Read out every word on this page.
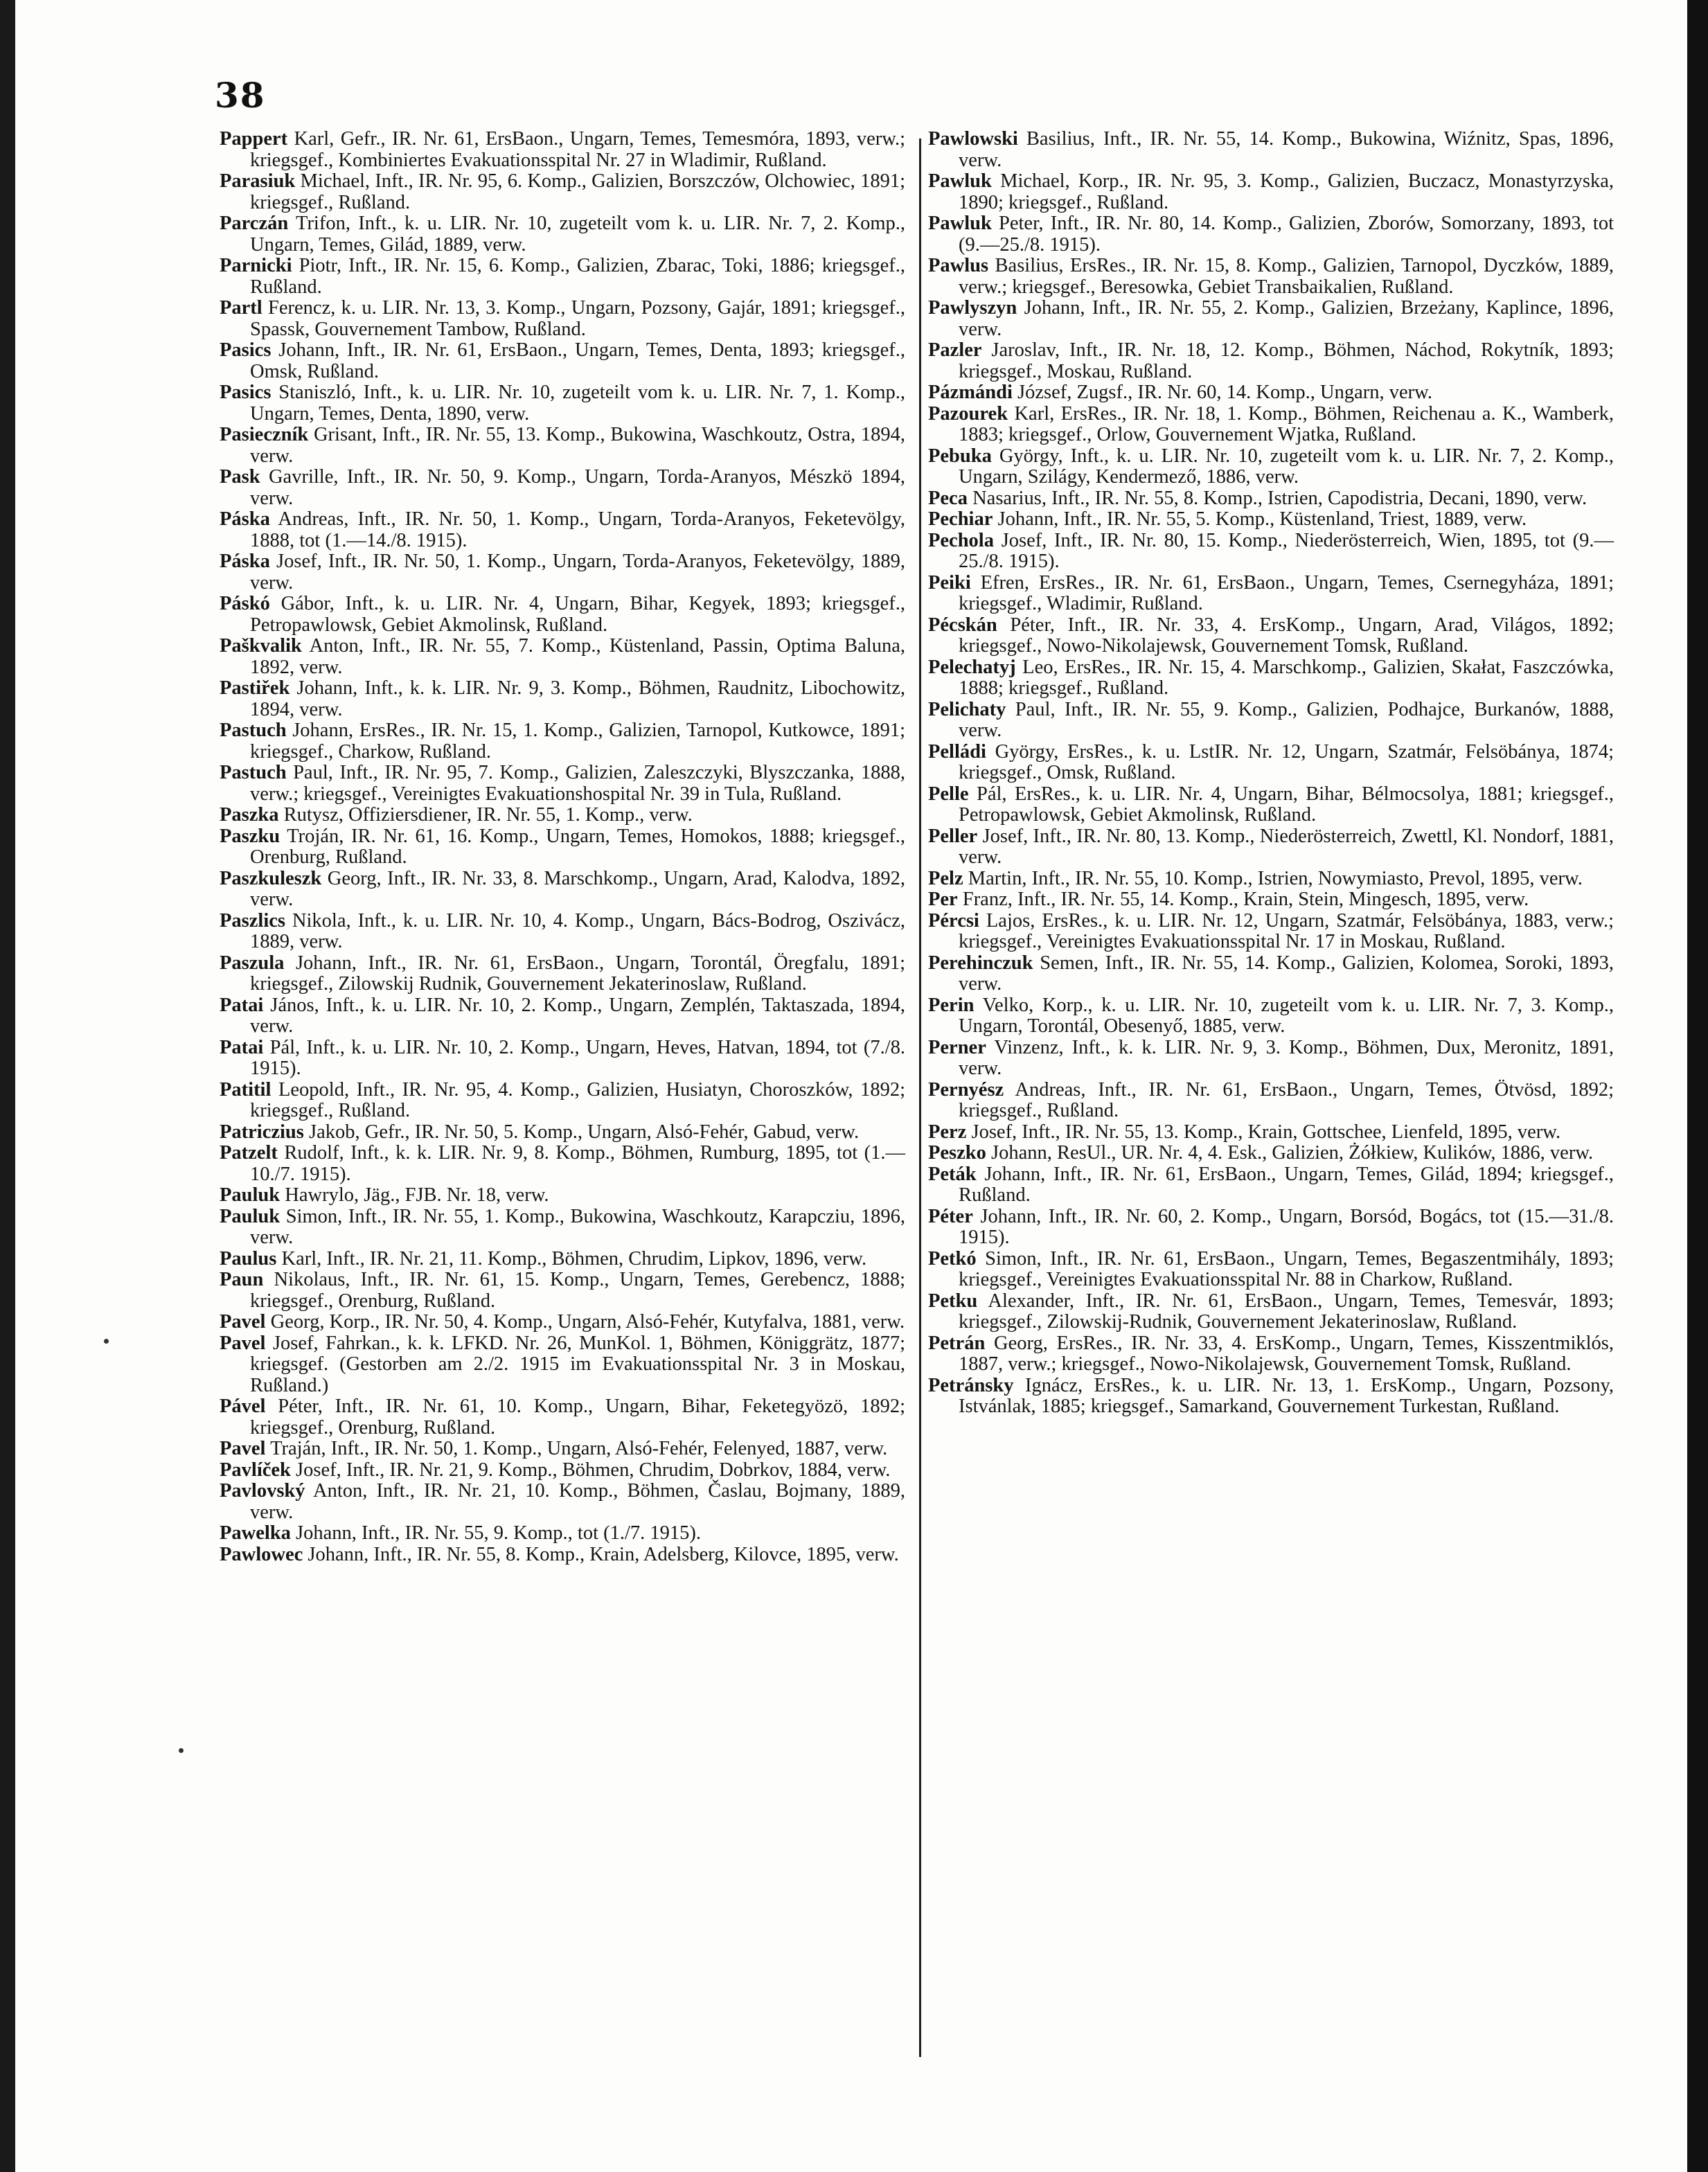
38

Pappert Karl, Gefr., IR. Nr. 61, ErsBaon., Ungarn, Temes, Temesmóra, 1893, verw.; kriegsgef., Kombiniertes Evakuationsspital Nr. 27 in Wladimir, Rußland.

Parasiuk Michael, Inft., IR. Nr. 95, 6. Komp., Galizien, Borszczów, Olchowiec, 1891; kriegsgef., Rußland.

Parczán Trifon, Inft., k. u. LIR. Nr. 10, zugeteilt vom k. u. LIR. Nr. 7, 2. Komp., Ungarn, Temes, Gilád, 1889, verw.

Parnicki Piotr, Inft., IR. Nr. 15, 6. Komp., Galizien, Zbarac, Toki, 1886; kriegsgef., Rußland.

Partl Ferencz, k. u. LIR. Nr. 13, 3. Komp., Ungarn, Pozsony, Gajár, 1891; kriegsgef., Spassk, Gouvernement Tambow, Rußland.

Pasics Johann, Inft., IR. Nr. 61, ErsBaon., Ungarn, Temes, Denta, 1893; kriegsgef., Omsk, Rußland.

Pasics Staniszló, Inft., k. u. LIR. Nr. 10, zugeteilt vom k. u. LIR. Nr. 7, 1. Komp., Ungarn, Temes, Denta, 1890, verw.

Pasieczník Grisant, Inft., IR. Nr. 55, 13. Komp., Bukowina, Waschkoutz, Ostra, 1894, verw.

Pask Gavrille, Inft., IR. Nr. 50, 9. Komp., Ungarn, Torda-Aranyos, Mészkö 1894, verw.

Páska Andreas, Inft., IR. Nr. 50, 1. Komp., Ungarn, Torda-Aranyos, Feketevölgy, 1888, tot (1.—14./8. 1915).

Páska Josef, Inft., IR. Nr. 50, 1. Komp., Ungarn, Torda-Aranyos, Feketevölgy, 1889, verw.

Páskó Gábor, Inft., k. u. LIR. Nr. 4, Ungarn, Bihar, Kegyek, 1893; kriegsgef., Petropawlowsk, Gebiet Akmolinsk, Rußland.

Paškvalik Anton, Inft., IR. Nr. 55, 7. Komp., Küstenland, Passin, Optima Baluna, 1892, verw.

Pastiřek Johann, Inft., k. k. LIR. Nr. 9, 3. Komp., Böhmen, Raudnitz, Libochowitz, 1894, verw.

Pastuch Johann, ErsRes., IR. Nr. 15, 1. Komp., Galizien, Tarnopol, Kutkowce, 1891; kriegsgef., Charkow, Rußland.

Pastuch Paul, Inft., IR. Nr. 95, 7. Komp., Galizien, Zaleszczyki, Blyszczanka, 1888, verw.; kriegsgef., Vereinigtes Evakuationshospital Nr. 39 in Tula, Rußland.

Paszka Rutysz, Offiziersdiener, IR. Nr. 55, 1. Komp., verw.

Paszku Troján, IR. Nr. 61, 16. Komp., Ungarn, Temes, Homokos, 1888; kriegsgef., Orenburg, Rußland.

Paszkuleszk Georg, Inft., IR. Nr. 33, 8. Marschkomp., Ungarn, Arad, Kalodva, 1892, verw.

Paszlics Nikola, Inft., k. u. LIR. Nr. 10, 4. Komp., Ungarn, Bács-Bodrog, Oszivácz, 1889, verw.

Paszula Johann, Inft., IR. Nr. 61, ErsBaon., Ungarn, Torontál, Öregfalu, 1891; kriegsgef., Zilowskij Rudnik, Gouvernement Jekaterinoslaw, Rußland.

Patai János, Inft., k. u. LIR. Nr. 10, 2. Komp., Ungarn, Zemplén, Taktaszada, 1894, verw.

Patai Pál, Inft., k. u. LIR. Nr. 10, 2. Komp., Ungarn, Heves, Hatvan, 1894, tot (7./8. 1915).

Patitil Leopold, Inft., IR. Nr. 95, 4. Komp., Galizien, Husiatyn, Choroszków, 1892; kriegsgef., Rußland.

Patriczius Jakob, Gefr., IR. Nr. 50, 5. Komp., Ungarn, Alsó-Fehér, Gabud, verw.

Patzelt Rudolf, Inft., k. k. LIR. Nr. 9, 8. Komp., Böhmen, Rumburg, 1895, tot (1.—10./7. 1915).

Pauluk Hawrylo, Jäg., FJB. Nr. 18, verw.

Pauluk Simon, Inft., IR. Nr. 55, 1. Komp., Bukowina, Waschkoutz, Karapcziu, 1896, verw.

Paulus Karl, Inft., IR. Nr. 21, 11. Komp., Böhmen, Chrudim, Lipkov, 1896, verw.

Paun Nikolaus, Inft., IR. Nr. 61, 15. Komp., Ungarn, Temes, Gerebencz, 1888; kriegsgef., Orenburg, Rußland.

Pavel Georg, Korp., IR. Nr. 50, 4. Komp., Ungarn, Alsó-Fehér, Kutyfalva, 1881, verw.

Pavel Josef, Fahrkan., k. k. LFKD. Nr. 26, MunKol. 1, Böhmen, Königgrätz, 1877; kriegsgef. (Gestorben am 2./2. 1915 im Evakuationsspital Nr. 3 in Moskau, Rußland.)

Pável Péter, Inft., IR. Nr. 61, 10. Komp., Ungarn, Bihar, Feketegyözö, 1892; kriegsgef., Orenburg, Rußland.

Pavel Traján, Inft., IR. Nr. 50, 1. Komp., Ungarn, Alsó-Fehér, Felenyed, 1887, verw.

Pavlíček Josef, Inft., IR. Nr. 21, 9. Komp., Böhmen, Chrudim, Dobrkov, 1884, verw.

Pavlovský Anton, Inft., IR. Nr. 21, 10. Komp., Böhmen, Časlau, Bojmany, 1889, verw.

Pawelka Johann, Inft., IR. Nr. 55, 9. Komp., tot (1./7. 1915).

Pawlowec Johann, Inft., IR. Nr. 55, 8. Komp., Krain, Adelsberg, Kilovce, 1895, verw.

Pawlowski Basilius, Inft., IR. Nr. 55, 14. Komp., Bukowina, Wiźnitz, Spas, 1896, verw.

Pawluk Michael, Korp., IR. Nr. 95, 3. Komp., Galizien, Buczacz, Monastyrzyska, 1890; kriegsgef., Rußland.

Pawluk Peter, Inft., IR. Nr. 80, 14. Komp., Galizien, Zborów, Somorzany, 1893, tot (9.—25./8. 1915).

Pawlus Basilius, ErsRes., IR. Nr. 15, 8. Komp., Galizien, Tarnopol, Dyczków, 1889, verw.; kriegsgef., Beresowka, Gebiet Transbaikalien, Rußland.

Pawlyszyn Johann, Inft., IR. Nr. 55, 2. Komp., Galizien, Brzeżany, Kaplince, 1896, verw.

Pazler Jaroslav, Inft., IR. Nr. 18, 12. Komp., Böhmen, Náchod, Rokytník, 1893; kriegsgef., Moskau, Rußland.

Pázmándi József, Zugsf., IR. Nr. 60, 14. Komp., Ungarn, verw.

Pazourek Karl, ErsRes., IR. Nr. 18, 1. Komp., Böhmen, Reichenau a. K., Wamberk, 1883; kriegsgef., Orlow, Gouvernement Wjatka, Rußland.

Pebuka György, Inft., k. u. LIR. Nr. 10, zugeteilt vom k. u. LIR. Nr. 7, 2. Komp., Ungarn, Szilágy, Kendermező, 1886, verw.

Peca Nasarius, Inft., IR. Nr. 55, 8. Komp., Istrien, Capodistria, Decani, 1890, verw.

Pechiar Johann, Inft., IR. Nr. 55, 5. Komp., Küstenland, Triest, 1889, verw.

Pechola Josef, Inft., IR. Nr. 80, 15. Komp., Niederösterreich, Wien, 1895, tot (9.—25./8. 1915).

Peiki Efren, ErsRes., IR. Nr. 61, ErsBaon., Ungarn, Temes, Csernegyháza, 1891; kriegsgef., Wladimir, Rußland.

Pécskán Péter, Inft., IR. Nr. 33, 4. ErsKomp., Ungarn, Arad, Világos, 1892; kriegsgef., Nowo-Nikolajewsk, Gouvernement Tomsk, Rußland.

Pelechatyj Leo, ErsRes., IR. Nr. 15, 4. Marschkomp., Galizien, Skałat, Faszczówka, 1888; kriegsgef., Rußland.

Pelichaty Paul, Inft., IR. Nr. 55, 9. Komp., Galizien, Podhajce, Burkanów, 1888, verw.

Pelládi György, ErsRes., k. u. LstIR. Nr. 12, Ungarn, Szatmár, Felsöbánya, 1874; kriegsgef., Omsk, Rußland.

Pelle Pál, ErsRes., k. u. LIR. Nr. 4, Ungarn, Bihar, Bélmocsolya, 1881; kriegsgef., Petropawlowsk, Gebiet Akmolinsk, Rußland.

Peller Josef, Inft., IR. Nr. 80, 13. Komp., Niederösterreich, Zwettl, Kl. Nondorf, 1881, verw.

Pelz Martin, Inft., IR. Nr. 55, 10. Komp., Istrien, Nowymiasto, Prevol, 1895, verw.

Per Franz, Inft., IR. Nr. 55, 14. Komp., Krain, Stein, Mingesch, 1895, verw.

Pércsi Lajos, ErsRes., k. u. LIR. Nr. 12, Ungarn, Szatmár, Felsöbánya, 1883, verw.; kriegsgef., Vereinigtes Evakuationsspital Nr. 17 in Moskau, Rußland.

Perehinczuk Semen, Inft., IR. Nr. 55, 14. Komp., Galizien, Kolomea, Soroki, 1893, verw.

Perin Velko, Korp., k. u. LIR. Nr. 10, zugeteilt vom k. u. LIR. Nr. 7, 3. Komp., Ungarn, Torontál, Obesenyő, 1885, verw.

Perner Vinzenz, Inft., k. k. LIR. Nr. 9, 3. Komp., Böhmen, Dux, Meronitz, 1891, verw.

Pernyész Andreas, Inft., IR. Nr. 61, ErsBaon., Ungarn, Temes, Ötvösd, 1892; kriegsgef., Rußland.

Perz Josef, Inft., IR. Nr. 55, 13. Komp., Krain, Gottschee, Lienfeld, 1895, verw.

Peszko Johann, ResUl., UR. Nr. 4, 4. Esk., Galizien, Żółkiew, Kulików, 1886, verw.

Peták Johann, Inft., IR. Nr. 61, ErsBaon., Ungarn, Temes, Gilád, 1894; kriegsgef., Rußland.

Péter Johann, Inft., IR. Nr. 60, 2. Komp., Ungarn, Borsód, Bogács, tot (15.—31./8. 1915).

Petkó Simon, Inft., IR. Nr. 61, ErsBaon., Ungarn, Temes, Begaszentmihály, 1893; kriegsgef., Vereinigtes Evakuationsspital Nr. 88 in Charkow, Rußland.

Petku Alexander, Inft., IR. Nr. 61, ErsBaon., Ungarn, Temes, Temesvár, 1893; kriegsgef., Zilowskij-Rudnik, Gouvernement Jekaterinoslaw, Rußland.

Petrán Georg, ErsRes., IR. Nr. 33, 4. ErsKomp., Ungarn, Temes, Kisszentmiklós, 1887, verw.; kriegsgef., Nowo-Nikolajewsk, Gouvernement Tomsk, Rußland.

Petránsky Ignácz, ErsRes., k. u. LIR. Nr. 13, 1. ErsKomp., Ungarn, Pozsony, Istvánlak, 1885; kriegsgef., Samarkand, Gouvernement Turkestan, Rußland.
